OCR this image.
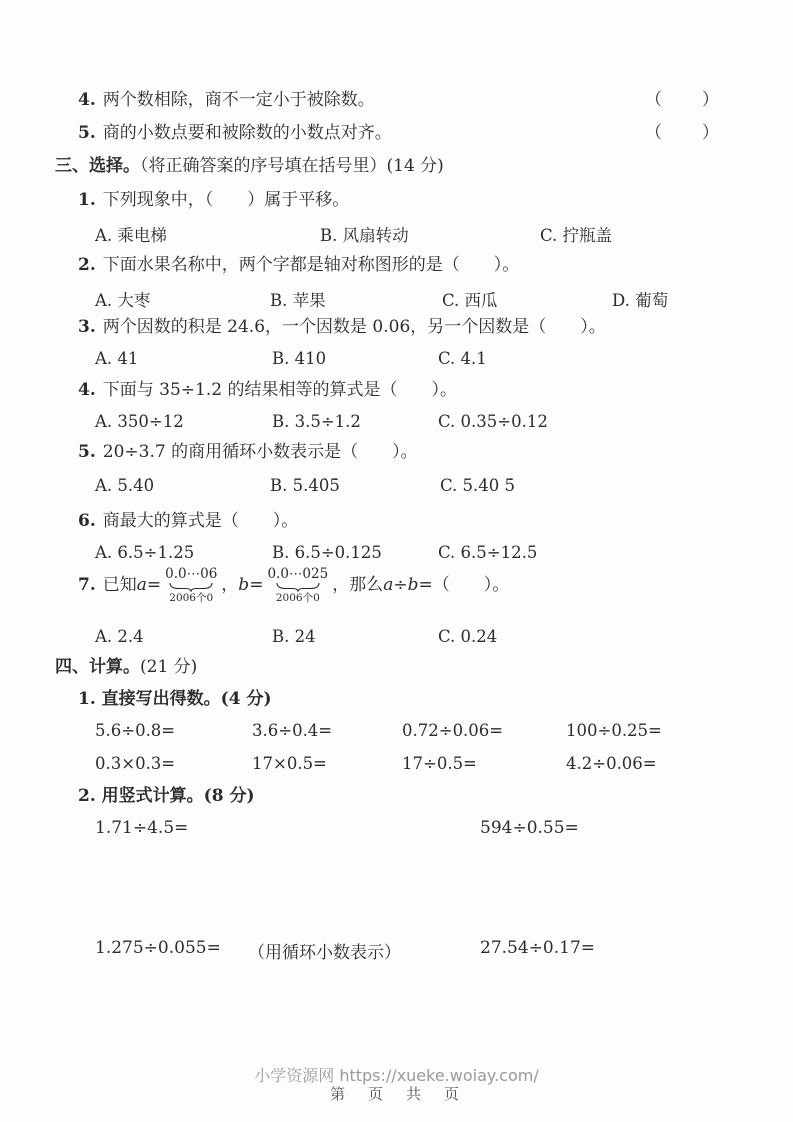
4. 两个数相除，商不一定小于被除数。	（　　）
5. 商的小数点要和被除数的小数点对齐。	（　　）
三、选择。（将正确答案的序号填在括号里）(14 分)
1. 下列现象中，（　　）属于平移。
A. 乘电梯	B. 风扇转动	C. 拧瓶盖
2. 下面水果名称中，两个字都是轴对称图形的是（　　）。
A. 大枣	B. 苹果	C. 西瓜	D. 葡萄
3. 两个因数的积是 24.6，一个因数是 0.06，另一个因数是（　　）。
A. 41	B. 410	C. 4.1
4. 下面与 35÷1.2 的结果相等的算式是（　　）。
A. 350÷12	B. 3.5÷1.2	C. 0.35÷0.12
5. 20÷3.7 的商用循环小数表示是（　　）。
A. 5.4̇0̇	B. 5.4̇0̇5̇	C. 5.4̇0 5̇
6. 商最大的算式是（　　）。
A. 6.5÷1.25	B. 6.5÷0.125	C. 6.5÷12.5
7. 已知 a =
0.0⋯06
2006个0
， b =
0.0⋯025
2006个0
，那么 a÷b =（　　）。
A. 2.4	B. 24	C. 0.24
四、计算。(21 分)
1. 直接写出得数。(4 分)
5.6÷0.8=	3.6÷0.4=	0.72÷0.06=	100÷0.25=
0.3×0.3=	17×0.5=	17÷0.5=	4.2÷0.06=
2. 用竖式计算。(8 分)
1.71÷4.5=	594÷0.55=
1.275÷0.055= （用循环小数表示）	27.54÷0.17=
小学资源网 https://xueke.woiay.com/
第　页　共　页
